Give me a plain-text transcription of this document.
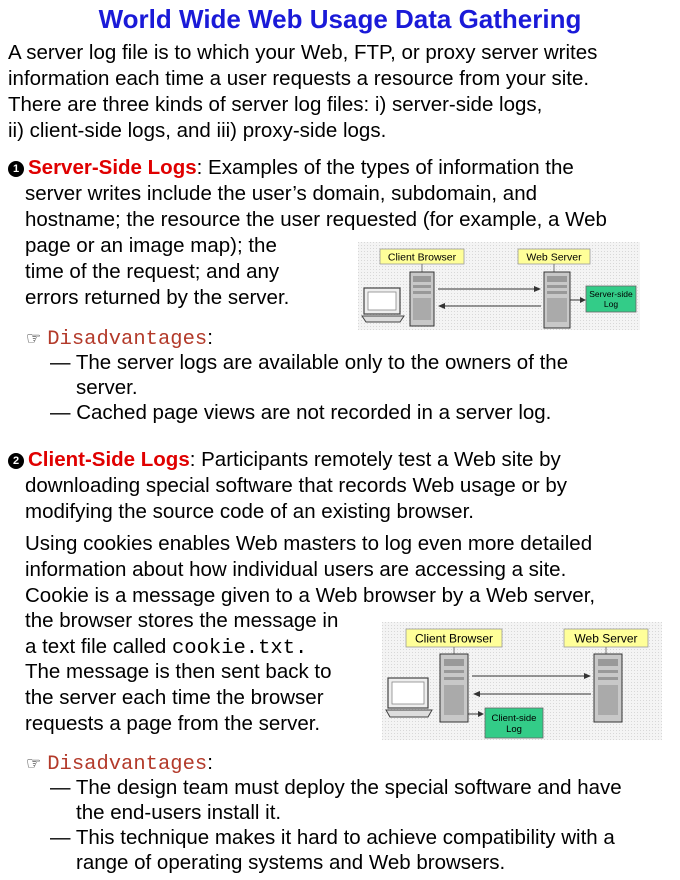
World Wide Web Usage Data Gathering
A server log file is to which your Web, FTP, or proxy server writes
information each time a user requests a resource from your site.
There are three kinds of server log files: i) server-side logs,
ii) client-side logs, and iii) proxy-side logs.
1 Server-Side Logs: Examples of the types of information the
server writes include the user’s domain, subdomain, and
hostname; the resource the user requested (for example, a Web
page or an image map); the
time of the request; and any
errors returned by the server.
Client Browser	Web Server
Server-side
Log
☞ Disadvantages:
— The server logs are available only to the owners of the
server.
— Cached page views are not recorded in a server log.
2 Client-Side Logs: Participants remotely test a Web site by
downloading special software that records Web usage or by
modifying the source code of an existing browser.
Using cookies enables Web masters to log even more detailed
information about how individual users are accessing a site.
Cookie is a message given to a Web browser by a Web server,
the browser stores the message in
a text file called cookie.txt.
The message is then sent back to
the server each time the browser
requests a page from the server.
Client Browser	Web Server
Client-side
Log
☞ Disadvantages:
— The design team must deploy the special software and have
the end-users install it.
— This technique makes it hard to achieve compatibility with a
range of operating systems and Web browsers.
